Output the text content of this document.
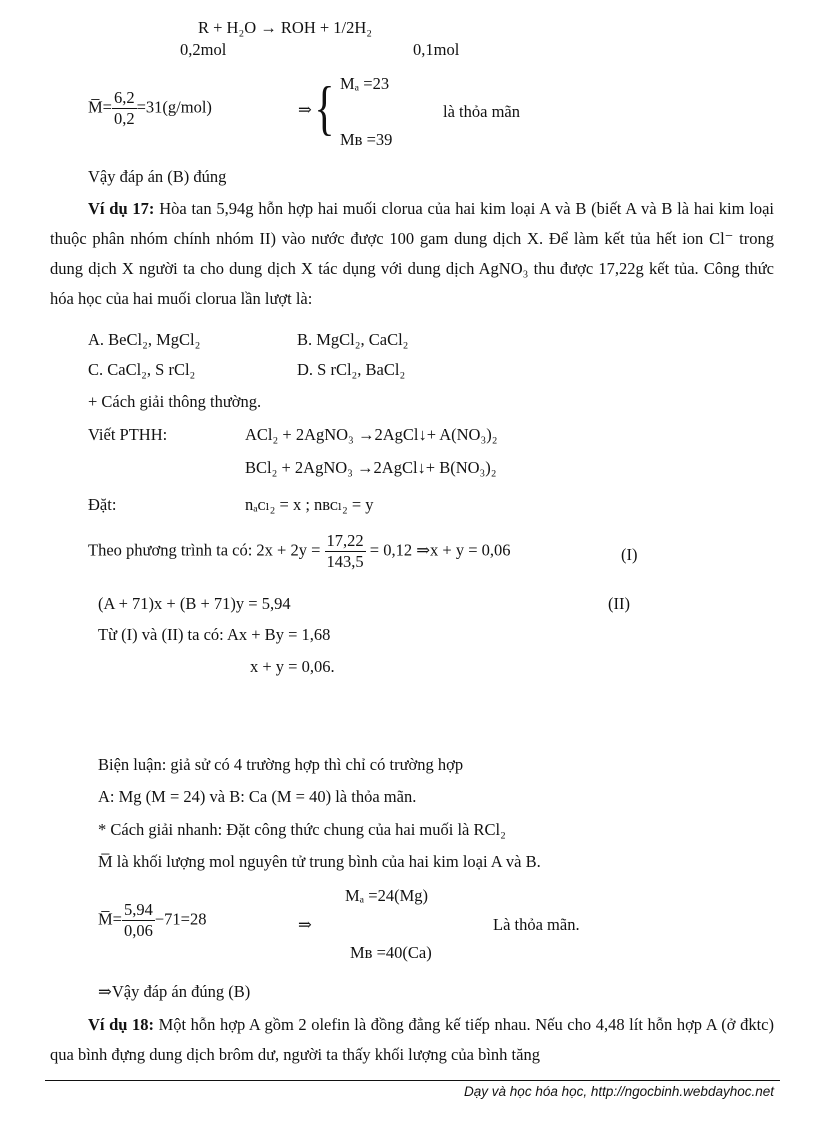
R + H₂O → ROH + 1/2H₂
0,2mol	0,1mol
M̅= $\frac{6,2}{0,2} =31(g/mol)$	⇒ { Mₐ =23
Mʙ =39
là thỏa mãn
Vậy đáp án (B) đúng
Ví dụ 17: Hòa tan 5,94g hỗn hợp hai muối clorua của hai kim loại A và B (biết A và B là hai kim loại thuộc phân nhóm chính nhóm II) vào nước được 100 gam dung dịch X. Để làm kết tủa hết ion Cl⁻ trong dung dịch X người ta cho dung dịch X tác dụng với dung dịch AgNO₃ thu được 17,22g kết tủa. Công thức hóa học của hai muối clorua lần lượt là:
A. BeCl₂, MgCl₂	B. MgCl₂, CaCl₂
C. CaCl₂, S rCl₂	D. S rCl₂, BaCl₂
+ Cách giải thông thường.
Viết PTHH:	ACl₂ + 2AgNO₃ →2AgCl↓+ A(NO₃)₂
BCl₂ + 2AgNO₃ →2AgCl↓+ B(NO₃)₂
Đặt:	nₐᴄₗ₂ = x ; nʙᴄₗ₂ = y
Theo phương trình ta có: $2x + 2y = \frac{17,22}{143,5} = 0,12$ ⇒x + y = 0,06	(I)
(A + 71)x + (B + 71)y = 5,94	(II)
Từ (I) và (II) ta có: Ax + By = 1,68
x + y = 0,06.
Biện luận: giả sử có 4 trường hợp thì chỉ có trường hợp
A: Mg (M = 24) và B: Ca (M = 40) là thỏa mãn.
* Cách giải nhanh: Đặt công thức chung của hai muối là RCl₂
M̅ là khối lượng mol nguyên tử trung bình của hai kim loại A và B.
M̅= $\frac{5,94}{0,06} -71=28$	⇒
Mₐ =24(Mg)
Mʙ =40(Ca)
Là thỏa mãn.
⇒Vậy đáp án đúng (B)
Ví dụ 18: Một hỗn hợp A gồm 2 olefin là đồng đẳng kế tiếp nhau. Nếu cho 4,48 lít hỗn hợp A (ở đktc) qua bình đựng dung dịch brôm dư, người ta thấy khối lượng của bình tăng
Dạy và học hóa học, http://ngocbinh.webdayhoc.net
